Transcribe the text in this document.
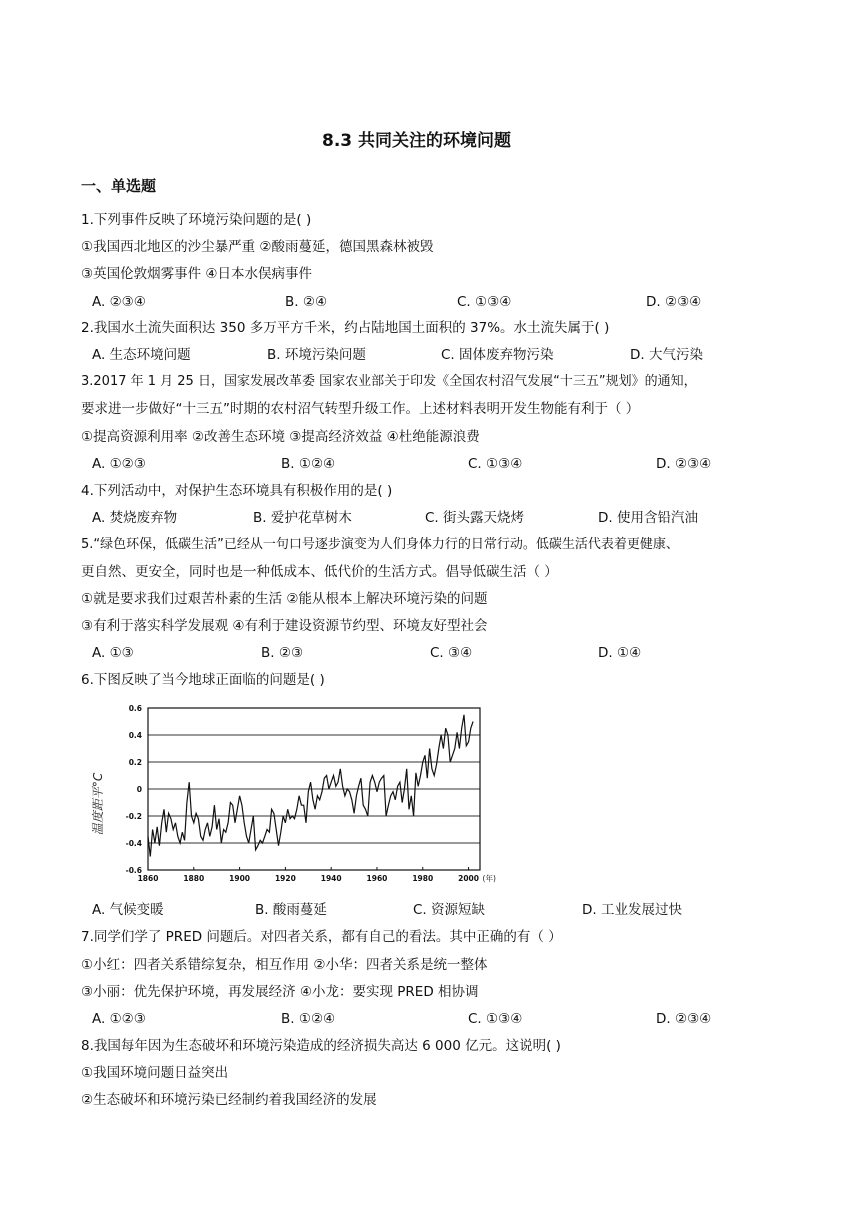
8.3 共同关注的环境问题
一、单选题
1.下列事件反映了环境污染问题的是( )
①我国西北地区的沙尘暴严重 ②酸雨蔓延，德国黑森林被毁
③英国伦敦烟雾事件 ④日本水俣病事件
A. ②③④	B. ②④	C. ①③④	D. ②③④
2.我国水土流失面积达 350 多万平方千米，约占陆地国土面积的 37%。水土流失属于( )
A. 生态环境问题	B. 环境污染问题	C. 固体废弃物污染	D. 大气污染
3.2017 年 1 月 25 日，国家发展改革委 国家农业部关于印发《全国农村沼气发展“十三五”规划》的通知，
要求进一步做好“十三五”时期的农村沼气转型升级工作。上述材料表明开发生物能有利于（ ）
①提高资源利用率 ②改善生态环境 ③提高经济效益 ④杜绝能源浪费
A. ①②③	B. ①②④	C. ①③④	D. ②③④
4.下列活动中，对保护生态环境具有积极作用的是( )
A. 焚烧废弃物	B. 爱护花草树木	C. 街头露天烧烤	D. 使用含铅汽油
5.“绿色环保，低碳生活”已经从一句口号逐步演变为人们身体力行的日常行动。低碳生活代表着更健康、
更自然、更安全，同时也是一种低成本、低代价的生活方式。倡导低碳生活（ ）
①就是要求我们过艰苦朴素的生活 ②能从根本上解决环境污染的问题
③有利于落实科学发展观 ④有利于建设资源节约型、环境友好型社会
A. ①③	B. ②③	C. ③④	D. ①④
6.下图反映了当今地球正面临的问题是( )
0.6
0.4
0.2
0
-0.2
-0.4
-0.6
1860	1880	1900	1920	1940	1960	1980	2000 (年)
温度距平°C
A. 气候变暖	B. 酸雨蔓延	C. 资源短缺	D. 工业发展过快
7.同学们学了 PRED 问题后。对四者关系，都有自己的看法。其中正确的有（ ）
①小红：四者关系错综复杂，相互作用 ②小华：四者关系是统一整体
③小丽：优先保护环境，再发展经济 ④小龙：要实现 PRED 相协调
A. ①②③	B. ①②④	C. ①③④	D. ②③④
8.我国每年因为生态破坏和环境污染造成的经济损失高达 6 000 亿元。这说明( )
①我国环境问题日益突出
②生态破坏和环境污染已经制约着我国经济的发展
